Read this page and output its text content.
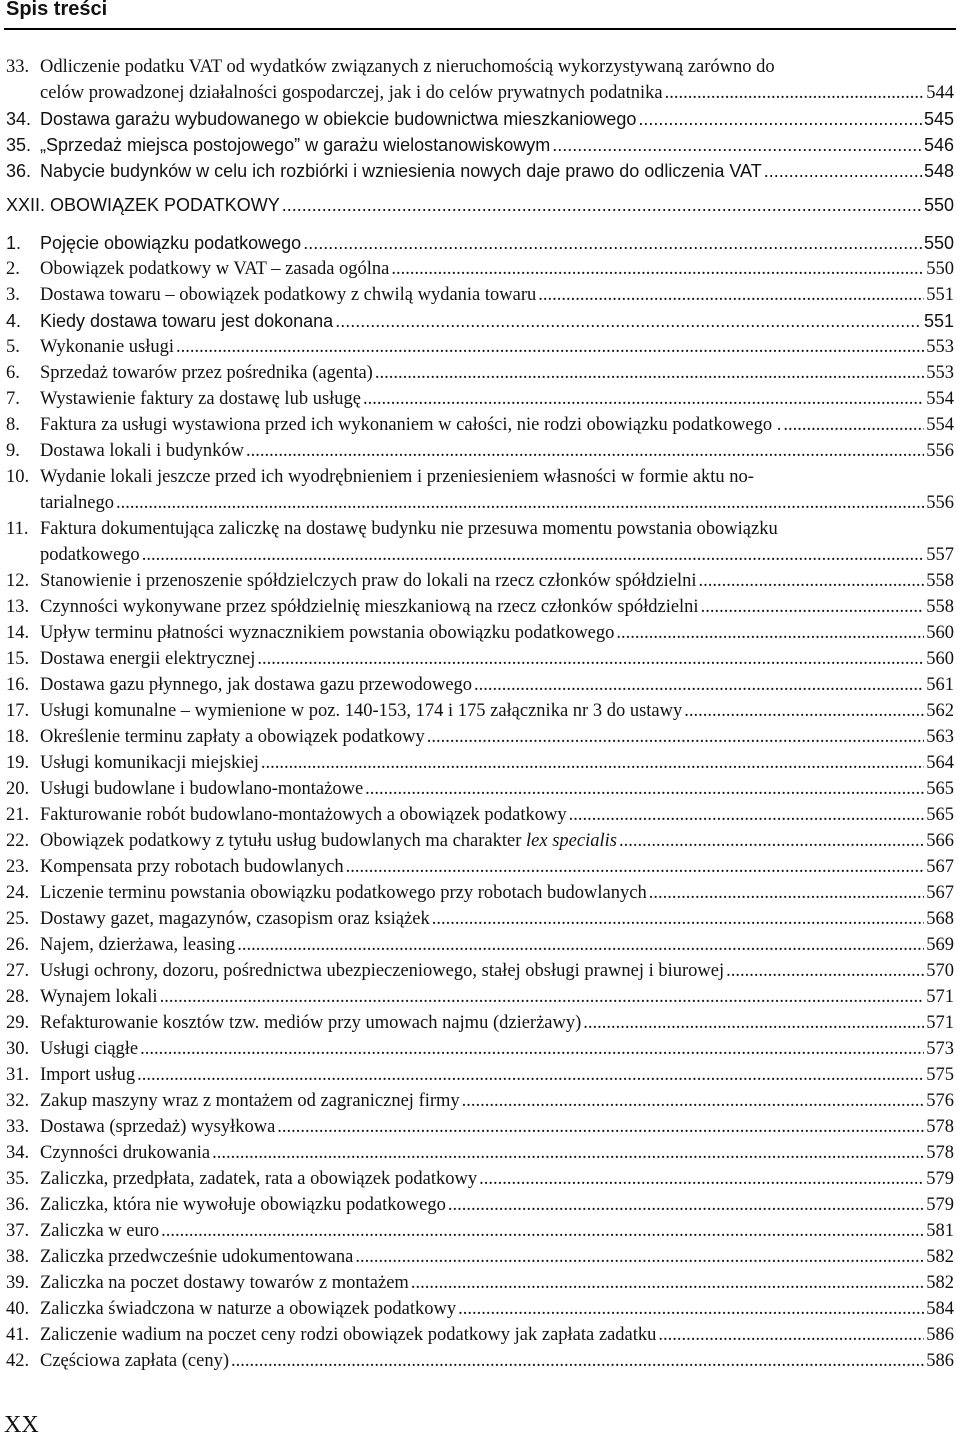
Spis treści
33. Odliczenie podatku VAT od wydatków związanych z nieruchomością wykorzystywaną zarówno do
celów prowadzonej działalności gospodarczej, jak i do celów prywatnych podatnika .....	544
34. Dostawa garażu wybudowanego w obiekcie budownictwa mieszkaniowego .....	545
35. „Sprzedaż miejsca postojowego” w garażu wielostanowiskowym .....	546
36. Nabycie budynków w celu ich rozbiórki i wzniesienia nowych daje prawo do odliczenia VAT .....	548
XXII. OBOWIĄZEK PODATKOWY .....	550
1. Pojęcie obowiązku podatkowego .....	550
2. Obowiązek podatkowy w VAT – zasada ogólna .....	550
3. Dostawa towaru – obowiązek podatkowy z chwilą wydania towaru .....	551
4. Kiedy dostawa towaru jest dokonana .....	551
5. Wykonanie usługi .....	553
6. Sprzedaż towarów przez pośrednika (agenta) .....	553
7. Wystawienie faktury za dostawę lub usługę .....	554
8. Faktura za usługi wystawiona przed ich wykonaniem w całości, nie rodzi obowiązku podatkowego . .....	554
9. Dostawa lokali i budynków .....	556
10. Wydanie lokali jeszcze przed ich wyodrębnieniem i przeniesieniem własności w formie aktu no-
tarialnego .....	556
11. Faktura dokumentująca zaliczkę na dostawę budynku nie przesuwa momentu powstania obowiązku
podatkowego .....	557
12. Stanowienie i przenoszenie spółdzielczych praw do lokali na rzecz członków spółdzielni .....	558
13. Czynności wykonywane przez spółdzielnię mieszkaniową na rzecz członków spółdzielni .....	558
14. Upływ terminu płatności wyznacznikiem powstania obowiązku podatkowego .....	560
15. Dostawa energii elektrycznej .....	560
16. Dostawa gazu płynnego, jak dostawa gazu przewodowego .....	561
17. Usługi komunalne – wymienione w poz. 140-153, 174 i 175 załącznika nr 3 do ustawy .....	562
18. Określenie terminu zapłaty a obowiązek podatkowy .....	563
19. Usługi komunikacji miejskiej .....	564
20. Usługi budowlane i budowlano-montażowe .....	565
21. Fakturowanie robót budowlano-montażowych a obowiązek podatkowy .....	565
22. Obowiązek podatkowy z tytułu usług budowlanych ma charakter lex specialis .....	566
23. Kompensata przy robotach budowlanych .....	567
24. Liczenie terminu powstania obowiązku podatkowego przy robotach budowlanych .....	567
25. Dostawy gazet, magazynów, czasopism oraz książek .....	568
26. Najem, dzierżawa, leasing .....	569
27. Usługi ochrony, dozoru, pośrednictwa ubezpieczeniowego, stałej obsługi prawnej i biurowej .....	570
28. Wynajem lokali .....	571
29. Refakturowanie kosztów tzw. mediów przy umowach najmu (dzierżawy) .....	571
30. Usługi ciągłe .....	573
31. Import usług .....	575
32. Zakup maszyny wraz z montażem od zagranicznej firmy .....	576
33. Dostawa (sprzedaż) wysyłkowa .....	578
34. Czynności drukowania .....	578
35. Zaliczka, przedpłata, zadatek, rata a obowiązek podatkowy .....	579
36. Zaliczka, która nie wywołuje obowiązku podatkowego .....	579
37. Zaliczka w euro .....	581
38. Zaliczka przedwcześnie udokumentowana .....	582
39. Zaliczka na poczet dostawy towarów z montażem .....	582
40. Zaliczka świadczona w naturze a obowiązek podatkowy .....	584
41. Zaliczenie wadium na poczet ceny rodzi obowiązek podatkowy jak zapłata zadatku .....	586
42. Częściowa zapłata (ceny) .....	586
XX
